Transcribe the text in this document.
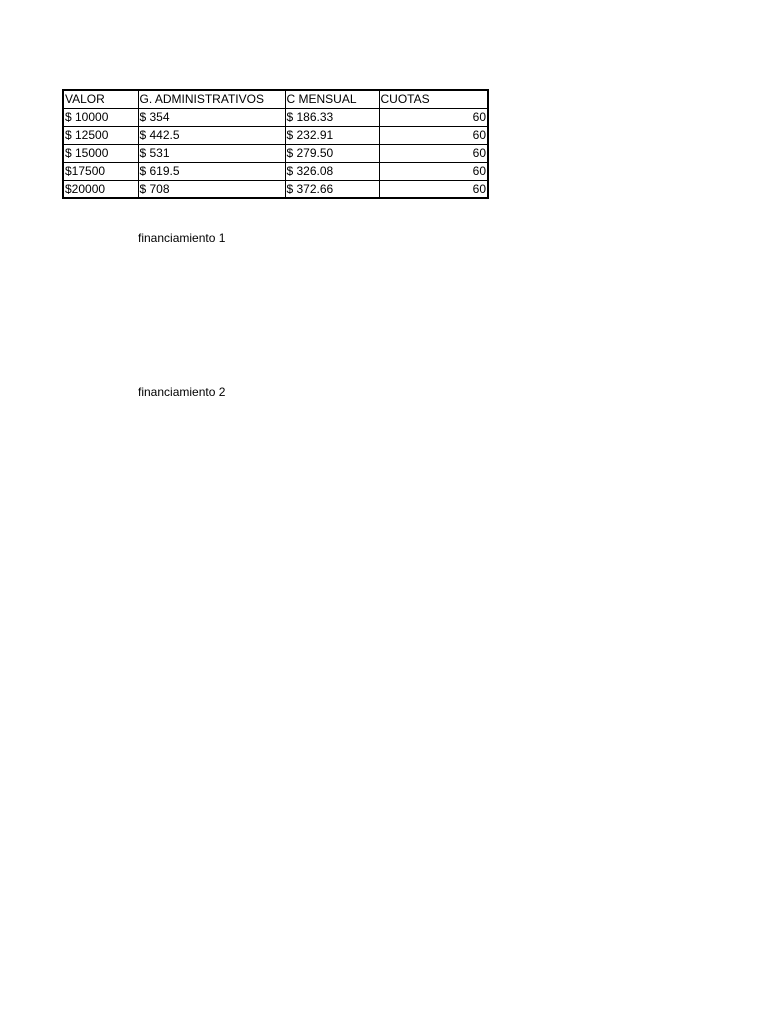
VALOR	G. ADMINISTRATIVOS	C MENSUAL	CUOTAS
$ 10000	$ 354	$ 186.33	60
$ 12500	$ 442.5	$ 232.91	60
$ 15000	$ 531	$ 279.50	60
$17500	$ 619.5	$ 326.08	60
$20000	$ 708	$ 372.66	60
financiamiento 1
financiamiento 2
